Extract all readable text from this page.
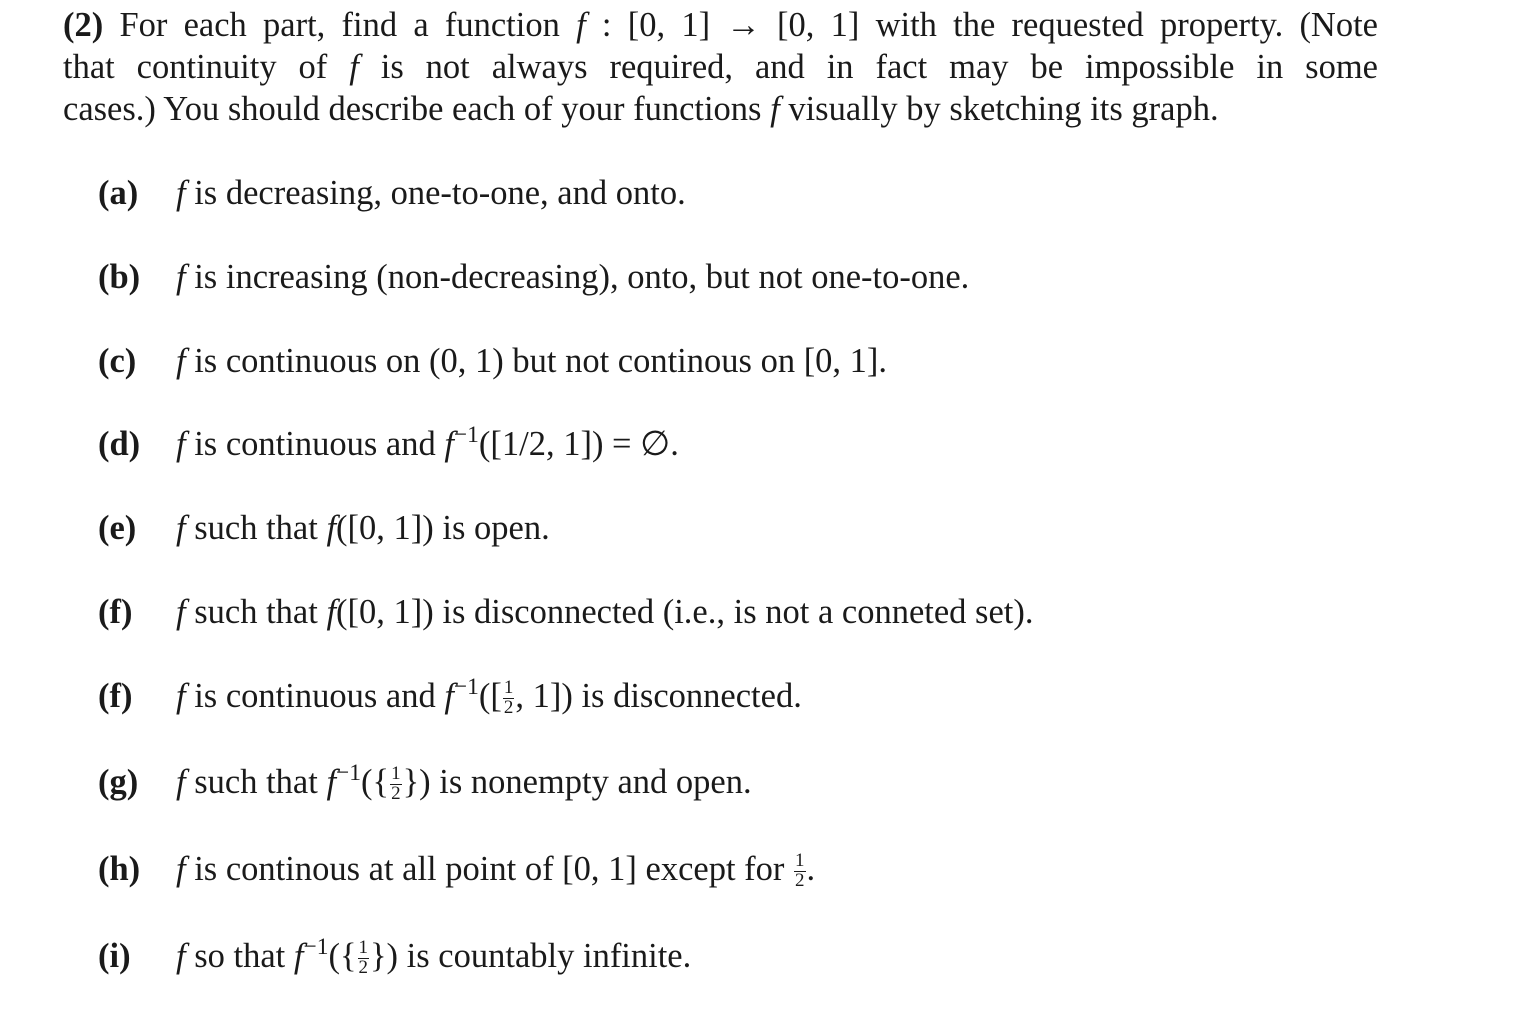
(2) For each part, find a function f : [0, 1] → [0, 1] with the requested property. (Note
that continuity of f is not always required, and in fact may be impossible in some
cases.) You should describe each of your functions f visually by sketching its graph.
(a) f is decreasing, one-to-one, and onto.
(b) f is increasing (non-decreasing), onto, but not one-to-one.
(c) f is continuous on (0, 1) but not continous on [0, 1].
(d) f is continuous and $f^{-1}([1/2$, 1]) = ∅.
(e) f such that f([0, 1]) is open.
(f) f such that f([0, 1]) is disconnected (i.e., is not a conneted set).
(f) f is continuous and $f^{-1}([ \frac{1}{2}$ , 1]) is disconnected.
(g) f such that $f^{-1}(\{ \frac{1}{2}$ }) is nonempty and open.
(h) f is continous at all point of [0, 1] except for $\frac{1}{2}$ .
(i) f so that $f^{-1}(\{ \frac{1}{2}$ }) is countably infinite.
